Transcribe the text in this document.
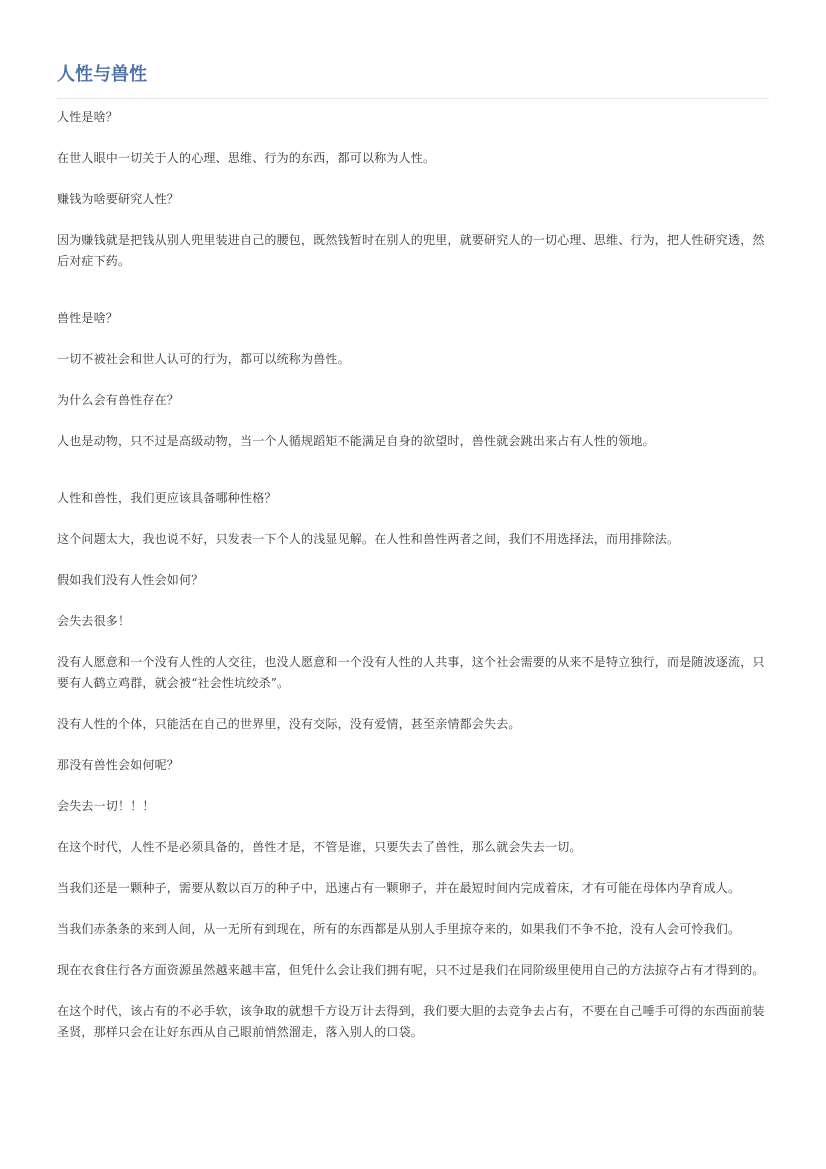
人性与兽性

人性是啥？

在世人眼中一切关于人的心理、思维、行为的东西，都可以称为人性。

赚钱为啥要研究人性？

因为赚钱就是把钱从别人兜里装进自己的腰包，既然钱暂时在别人的兜里，就要研究人的一切心理、思维、行为，把人性研究透，然后对症下药。

兽性是啥？

一切不被社会和世人认可的行为，都可以统称为兽性。

为什么会有兽性存在？

人也是动物，只不过是高级动物，当一个人循规蹈矩不能满足自身的欲望时，兽性就会跳出来占有人性的领地。

人性和兽性，我们更应该具备哪种性格？

这个问题太大，我也说不好，只发表一下个人的浅显见解。在人性和兽性两者之间，我们不用选择法，而用排除法。

假如我们没有人性会如何？

会失去很多！

没有人愿意和一个没有人性的人交往，也没人愿意和一个没有人性的人共事，这个社会需要的从来不是特立独行，而是随波逐流，只要有人鹤立鸡群，就会被“社会性坑绞杀”。

没有人性的个体，只能活在自己的世界里，没有交际，没有爱情，甚至亲情都会失去。

那没有兽性会如何呢？

会失去一切！！！

在这个时代，人性不是必须具备的，兽性才是，不管是谁，只要失去了兽性，那么就会失去一切。

当我们还是一颗种子，需要从数以百万的种子中，迅速占有一颗卵子，并在最短时间内完成着床，才有可能在母体内孕育成人。

当我们赤条条的来到人间，从一无所有到现在，所有的东西都是从别人手里掠夺来的，如果我们不争不抢，没有人会可怜我们。

现在衣食住行各方面资源虽然越来越丰富，但凭什么会让我们拥有呢，只不过是我们在同阶级里使用自己的方法掠夺占有才得到的。

在这个时代，该占有的不必手软，该争取的就想千方设万计去得到，我们要大胆的去竞争去占有，不要在自己唾手可得的东西面前装圣贤，那样只会在让好东西从自己眼前悄然溜走，落入别人的口袋。
